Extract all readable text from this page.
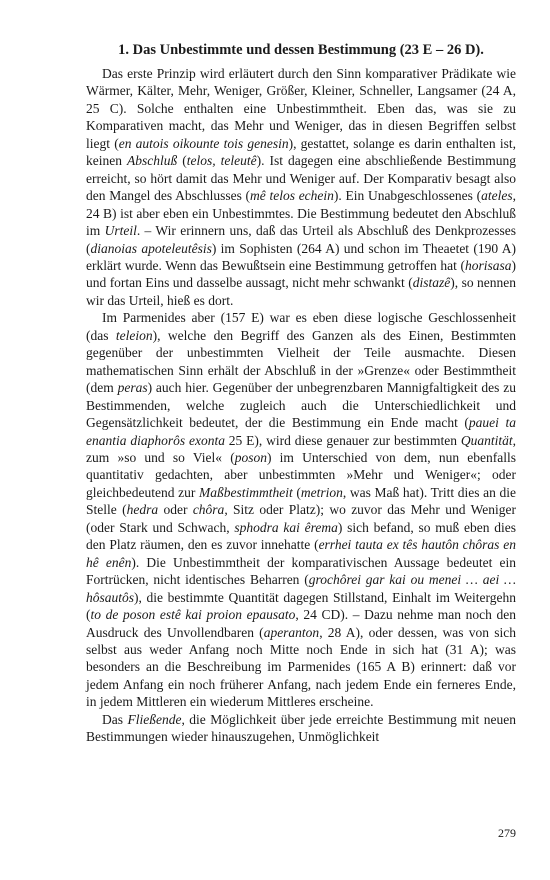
1. Das Unbestimmte und dessen Bestimmung (23 E – 26 D).

Das erste Prinzip wird erläutert durch den Sinn komparativer Prädikate wie Wärmer, Kälter, Mehr, Weniger, Größer, Kleiner, Schneller, Langsamer (24 A, 25 C). Solche enthalten eine Unbestimmtheit. Eben das, was sie zu Komparativen macht, das Mehr und Weniger, das in diesen Begriffen selbst liegt (en autois oikounte tois genesin), gestattet, solange es darin enthalten ist, keinen Abschluß (telos, teleutê). Ist dagegen eine abschließende Bestimmung erreicht, so hört damit das Mehr und Weniger auf. Der Komparativ besagt also den Mangel des Abschlusses (mê telos echein). Ein Unabgeschlossenes (ateles, 24 B) ist aber eben ein Unbestimmtes. Die Bestimmung bedeutet den Abschluß im Urteil. – Wir erinnern uns, daß das Urteil als Abschluß des Denkprozesses (dianoias apoteleutêsis) im Sophisten (264 A) und schon im Theaetet (190 A) erklärt wurde. Wenn das Bewußtsein eine Bestimmung getroffen hat (horisasa) und fortan Eins und dasselbe aussagt, nicht mehr schwankt (distazê), so nennen wir das Urteil, hieß es dort.

Im Parmenides aber (157 E) war es eben diese logische Geschlossenheit (das teleion), welche den Begriff des Ganzen als des Einen, Bestimmten gegenüber der unbestimmten Vielheit der Teile ausmachte. Diesen mathematischen Sinn erhält der Abschluß in der »Grenze« oder Bestimmtheit (dem peras) auch hier. Gegenüber der unbegrenzbaren Mannigfaltigkeit des zu Bestimmenden, welche zugleich auch die Unterschiedlichkeit und Gegensätzlichkeit bedeutet, der die Bestimmung ein Ende macht (pauei ta enantia diaphorôs exonta 25 E), wird diese genauer zur bestimmten Quantität, zum »so und so Viel« (poson) im Unterschied von dem, nun ebenfalls quantitativ gedachten, aber unbestimmten »Mehr und Weniger«; oder gleichbedeutend zur Maßbestimmtheit (metrion, was Maß hat). Tritt dies an die Stelle (hedra oder chôra, Sitz oder Platz); wo zuvor das Mehr und Weniger (oder Stark und Schwach, sphodra kai êrema) sich befand, so muß eben dies den Platz räumen, den es zuvor innehatte (errhei tauta ex tês hautôn chôras en hê enên). Die Unbestimmtheit der komparativischen Aussage bedeutet ein Fortrücken, nicht identisches Beharren (grochôrei gar kai ou menei … aei … hôsautôs), die bestimmte Quantität dagegen Stillstand, Einhalt im Weitergehn (to de poson estê kai proion epausato, 24 CD). – Dazu nehme man noch den Ausdruck des Unvollendbaren (aperanton, 28 A), oder dessen, was von sich selbst aus weder Anfang noch Mitte noch Ende in sich hat (31 A); was besonders an die Beschreibung im Parmenides (165 A B) erinnert: daß vor jedem Anfang ein noch früherer Anfang, nach jedem Ende ein ferneres Ende, in jedem Mittleren ein wiederum Mittleres erscheine.

Das Fließende, die Möglichkeit über jede erreichte Bestimmung mit neuen Bestimmungen wieder hinauszugehen, Unmöglichkeit

279
